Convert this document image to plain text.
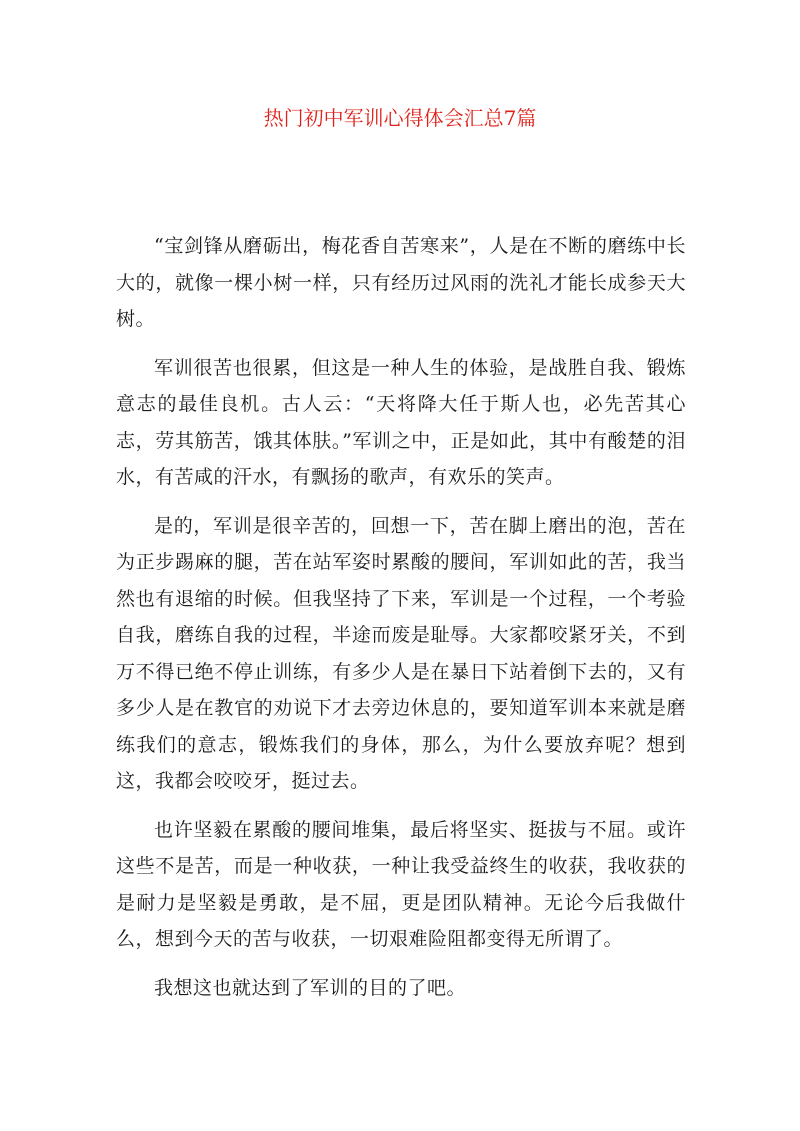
热门初中军训心得体会汇总7篇

“宝剑锋从磨砺出，梅花香自苦寒来”，人是在不断的磨练中长大的，就像一棵小树一样，只有经历过风雨的洗礼才能长成参天大树。

军训很苦也很累，但这是一种人生的体验，是战胜自我、锻炼意志的最佳良机。古人云：“天将降大任于斯人也，必先苦其心志，劳其筋苦，饿其体肤。”军训之中，正是如此，其中有酸楚的泪水，有苦咸的汗水，有飘扬的歌声，有欢乐的笑声。

是的，军训是很辛苦的，回想一下，苦在脚上磨出的泡，苦在为正步踢麻的腿，苦在站军姿时累酸的腰间，军训如此的苦，我当然也有退缩的时候。但我坚持了下来，军训是一个过程，一个考验自我，磨练自我的过程，半途而废是耻辱。大家都咬紧牙关，不到万不得已绝不停止训练，有多少人是在暴日下站着倒下去的，又有多少人是在教官的劝说下才去旁边休息的，要知道军训本来就是磨练我们的意志，锻炼我们的身体，那么，为什么要放弃呢？想到这，我都会咬咬牙，挺过去。

也许坚毅在累酸的腰间堆集，最后将坚实、挺拔与不屈。或许这些不是苦，而是一种收获，一种让我受益终生的收获，我收获的是耐力是坚毅是勇敢，是不屈，更是团队精神。无论今后我做什么，想到今天的苦与收获，一切艰难险阻都变得无所谓了。

我想这也就达到了军训的目的了吧。
